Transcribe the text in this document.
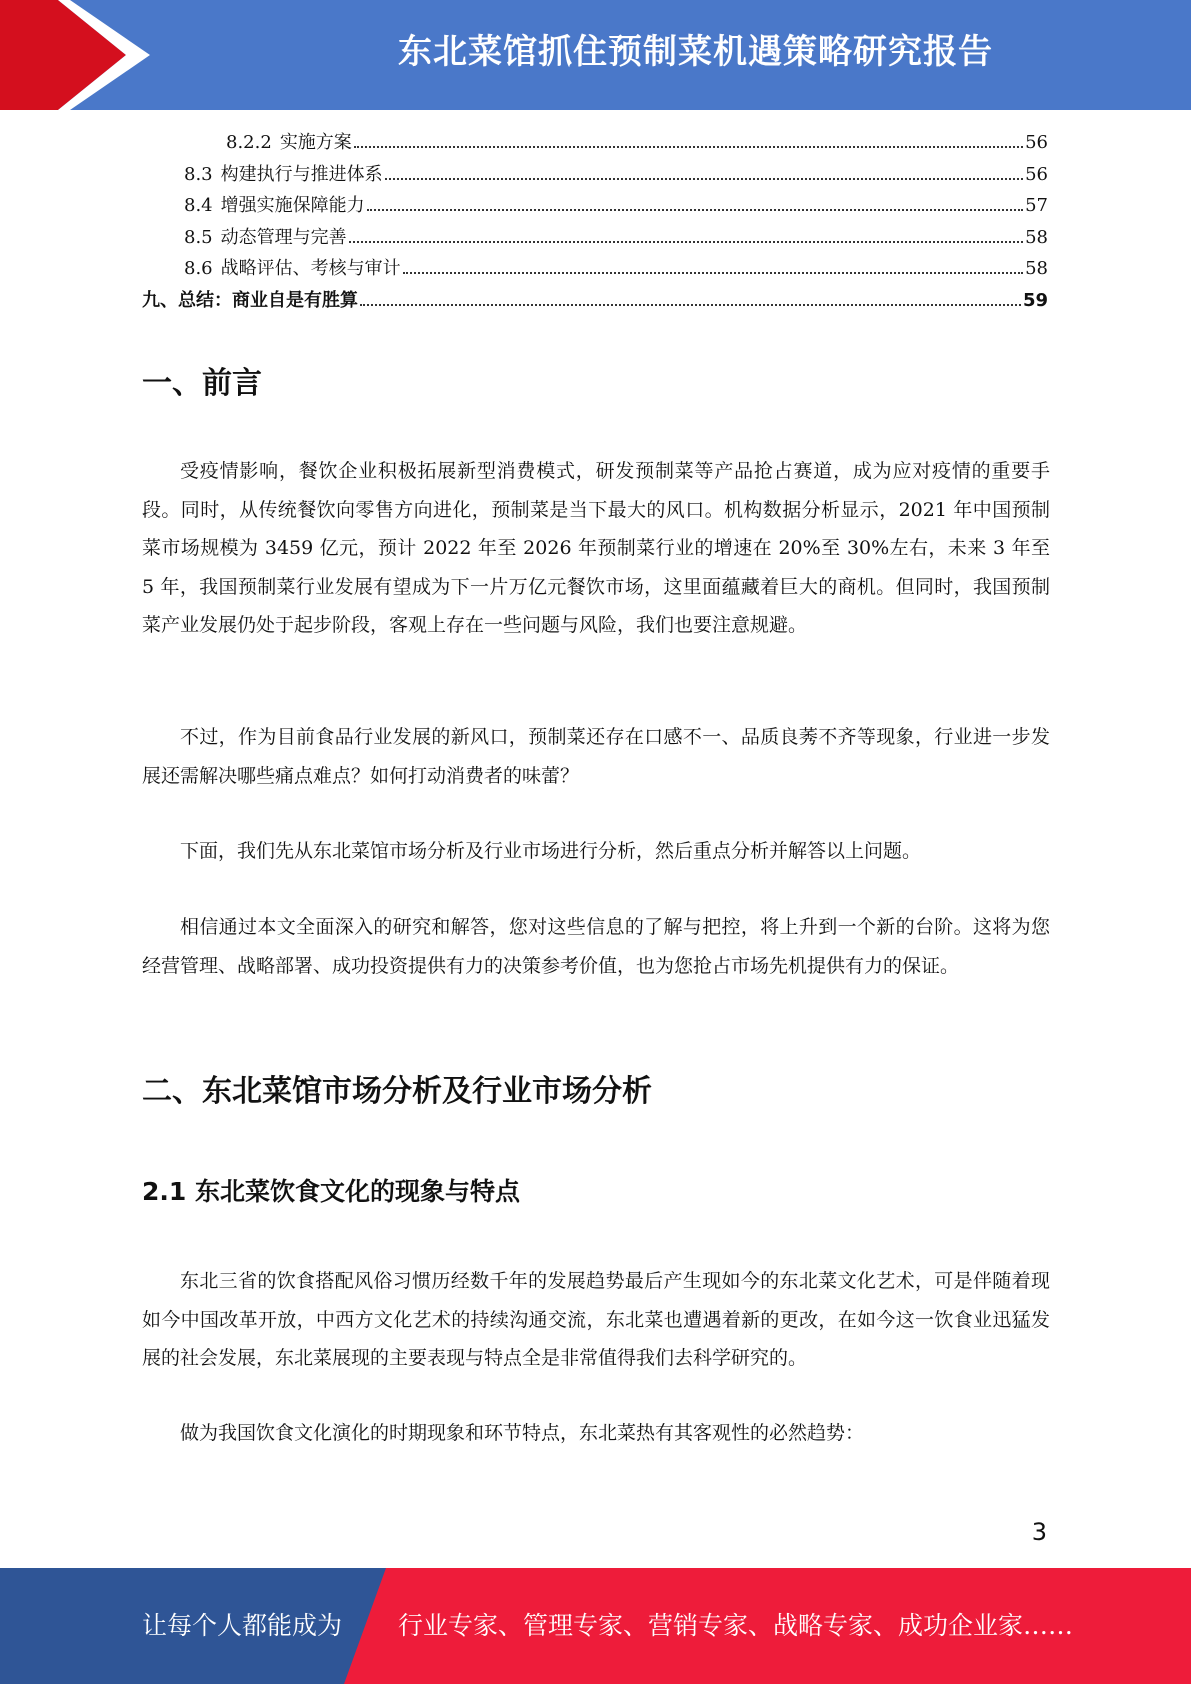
东北菜馆抓住预制菜机遇策略研究报告
8.2.2 实施方案	56
8.3 构建执行与推进体系	56
8.4 增强实施保障能力	57
8.5 动态管理与完善	58
8.6 战略评估、考核与审计	58
九、总结：商业自是有胜算	59
一、前言

受疫情影响，餐饮企业积极拓展新型消费模式，研发预制菜等产品抢占赛道，成为应对疫情的重要手段。同时，从传统餐饮向零售方向进化，预制菜是当下最大的风口。机构数据分析显示，2021 年中国预制菜市场规模为 3459 亿元，预计 2022 年至 2026 年预制菜行业的增速在 20%至 30%左右，未来 3 年至 5 年，我国预制菜行业发展有望成为下一片万亿元餐饮市场，这里面蕴藏着巨大的商机。但同时，我国预制菜产业发展仍处于起步阶段，客观上存在一些问题与风险，我们也要注意规避。

不过，作为目前食品行业发展的新风口，预制菜还存在口感不一、品质良莠不齐等现象，行业进一步发展还需解决哪些痛点难点？如何打动消费者的味蕾？

下面，我们先从东北菜馆市场分析及行业市场进行分析，然后重点分析并解答以上问题。

相信通过本文全面深入的研究和解答，您对这些信息的了解与把控，将上升到一个新的台阶。这将为您经营管理、战略部署、成功投资提供有力的决策参考价值，也为您抢占市场先机提供有力的保证。

二、东北菜馆市场分析及行业市场分析
2.1 东北菜饮食文化的现象与特点

东北三省的饮食搭配风俗习惯历经数千年的发展趋势最后产生现如今的东北菜文化艺术，可是伴随着现如今中国改革开放，中西方文化艺术的持续沟通交流，东北菜也遭遇着新的更改，在如今这一饮食业迅猛发展的社会发展，东北菜展现的主要表现与特点全是非常值得我们去科学研究的。

做为我国饮食文化演化的时期现象和环节特点，东北菜热有其客观性的必然趋势：

3
让每个人都能成为 行业专家、管理专家、营销专家、战略专家、成功企业家……
